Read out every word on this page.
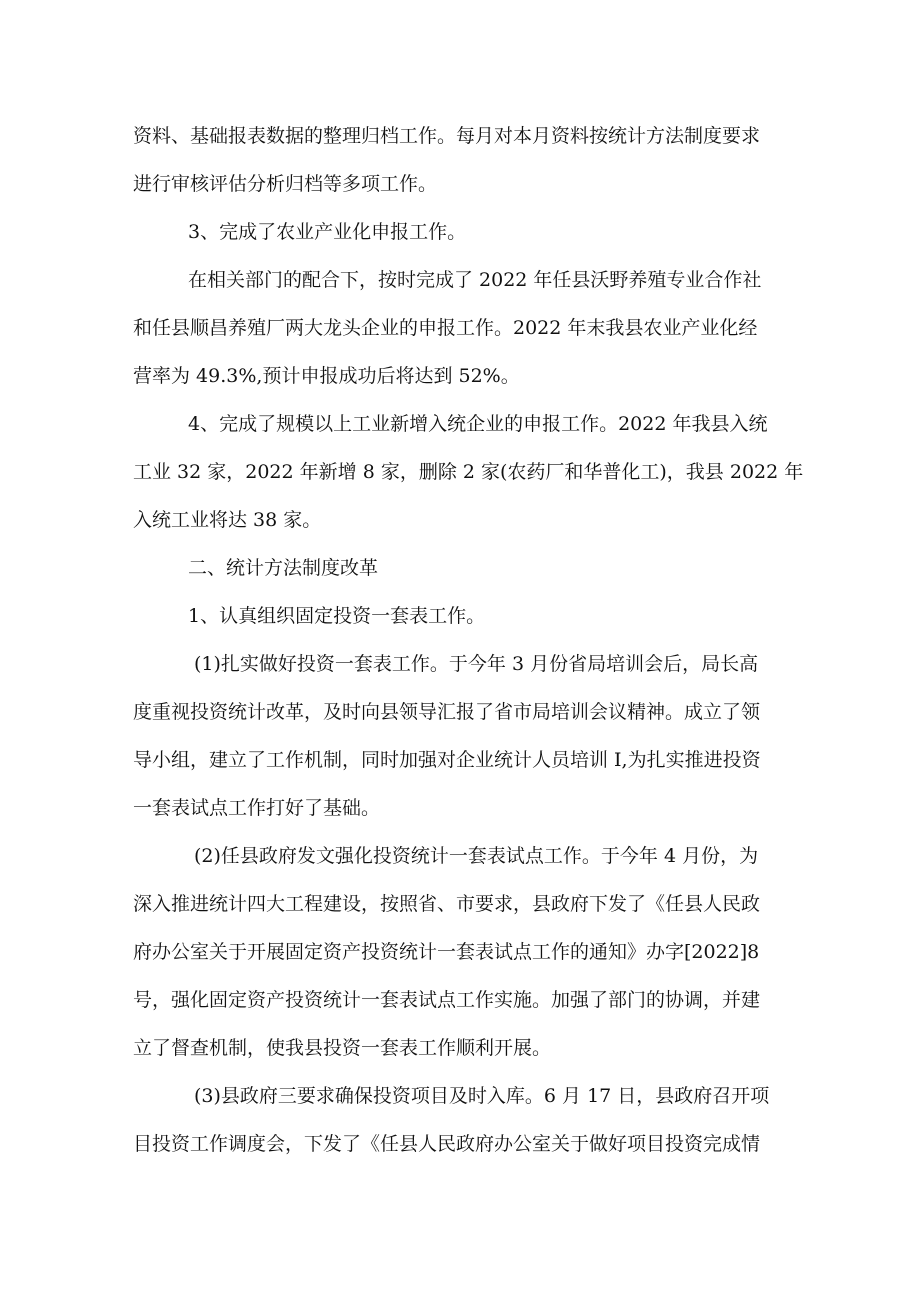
资料、基础报表数据的整理归档工作。每月对本月资料按统计方法制度要求
进行审核评估分析归档等多项工作。
3、完成了农业产业化申报工作。
在相关部门的配合下，按时完成了 2022 年任县沃野养殖专业合作社
和任县顺昌养殖厂两大龙头企业的申报工作。2022 年末我县农业产业化经
营率为 49.3%,预计申报成功后将达到 52%。
4、完成了规模以上工业新增入统企业的申报工作。2022 年我县入统
工业 32 家，2022 年新增 8 家，删除 2 家(农药厂和华普化工)，我县 2022 年
入统工业将达 38 家。
二、统计方法制度改革
1、认真组织固定投资一套表工作。
(1)扎实做好投资一套表工作。于今年 3 月份省局培训会后，局长高
度重视投资统计改革，及时向县领导汇报了省市局培训会议精神。成立了领
导小组，建立了工作机制，同时加强对企业统计人员培训 I,为扎实推进投资
一套表试点工作打好了基础。
(2)任县政府发文强化投资统计一套表试点工作。于今年 4 月份，为
深入推进统计四大工程建设，按照省、市要求，县政府下发了《任县人民政
府办公室关于开展固定资产投资统计一套表试点工作的通知》办字[2022]8
号，强化固定资产投资统计一套表试点工作实施。加强了部门的协调，并建
立了督查机制，使我县投资一套表工作顺利开展。
(3)县政府三要求确保投资项目及时入库。6 月 17 日，县政府召开项
目投资工作调度会，下发了《任县人民政府办公室关于做好项目投资完成情
